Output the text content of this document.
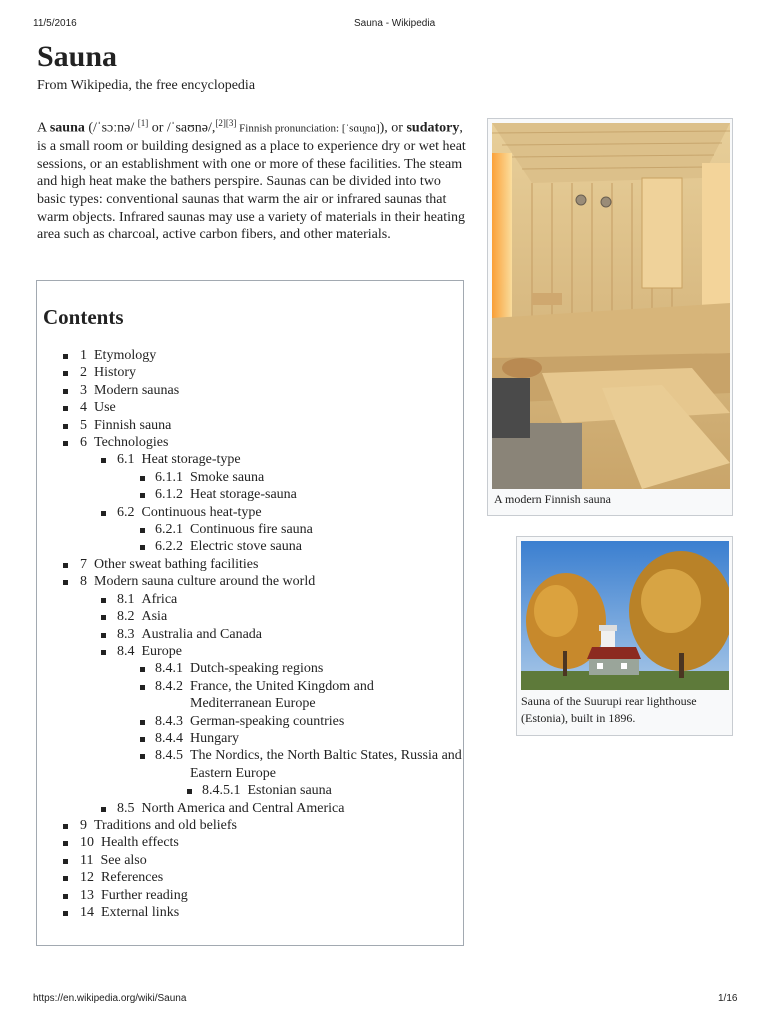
11/5/2016	Sauna - Wikipedia
Sauna
From Wikipedia, the free encyclopedia

A sauna (/ˈsɔːnə/ [1] or /ˈsaʊnə/,[2][3] Finnish pronunciation: [ˈsɑu̯nɑ]), or sudatory, is a small room or building designed as a place to experience dry or wet heat sessions, or an establishment with one or more of these facilities. The steam and high heat make the bathers perspire. Saunas can be divided into two basic types: conventional saunas that warm the air or infrared saunas that warm objects. Infrared saunas may use a variety of materials in their heating area such as charcoal, active carbon fibers, and other materials.

Contents
1 Etymology
2 History
3 Modern saunas
4 Use
5 Finnish sauna
6 Technologies
6.1 Heat storage-type
6.1.1 Smoke sauna
6.1.2 Heat storage-sauna
6.2 Continuous heat-type
6.2.1 Continuous fire sauna
6.2.2 Electric stove sauna
7 Other sweat bathing facilities
8 Modern sauna culture around the world
8.1 Africa
8.2 Asia
8.3 Australia and Canada
8.4 Europe
8.4.1 Dutch-speaking regions
8.4.2 France, the United Kingdom and Mediterranean Europe
8.4.3 German-speaking countries
8.4.4 Hungary
8.4.5 The Nordics, the North Baltic States, Russia and Eastern Europe
8.4.5.1 Estonian sauna
8.5 North America and Central America
9 Traditions and old beliefs
10 Health effects
11 See also
12 References
13 Further reading
14 External links
A modern Finnish sauna
Sauna of the Suurupi rear lighthouse (Estonia), built in 1896.
https://en.wikipedia.org/wiki/Sauna	1/16
